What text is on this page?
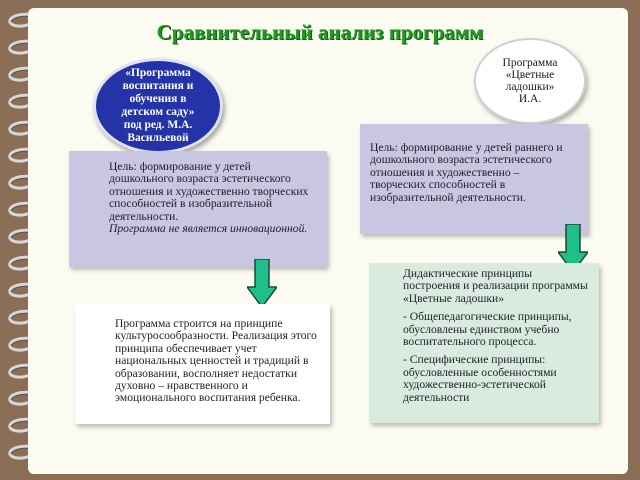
Сравнительный анализ программ
«Программа
воспитания и
обучения в
детском саду»
под ред. М.А.
Васильевой
Программа
«Цветные
ладошки»
И.А.

Цель: формирование у детей дошкольного возраста эстетического отношения и художественно творческих способностей в изобразительной деятельности.

Программа не является инновационной.

Цель: формирование у детей раннего и дошкольного возраста эстетического отношения и художественно – творческих способностей в изобразительной деятельности.

Программа строится на принципе культуросообразности. Реализация этого принципа обеспечивает учет национальных ценностей и традиций в образовании, восполняет недостатки духовно – нравственного и эмоционального воспитания ребенка.

Дидактические принципы построения и реализации программы «Цветные ладошки»

- Общепедагогические принципы, обусловлены единством учебно воспитательного процесса.

- Специфические принципы: обусловленные особенностями художественно-эстетической деятельности
